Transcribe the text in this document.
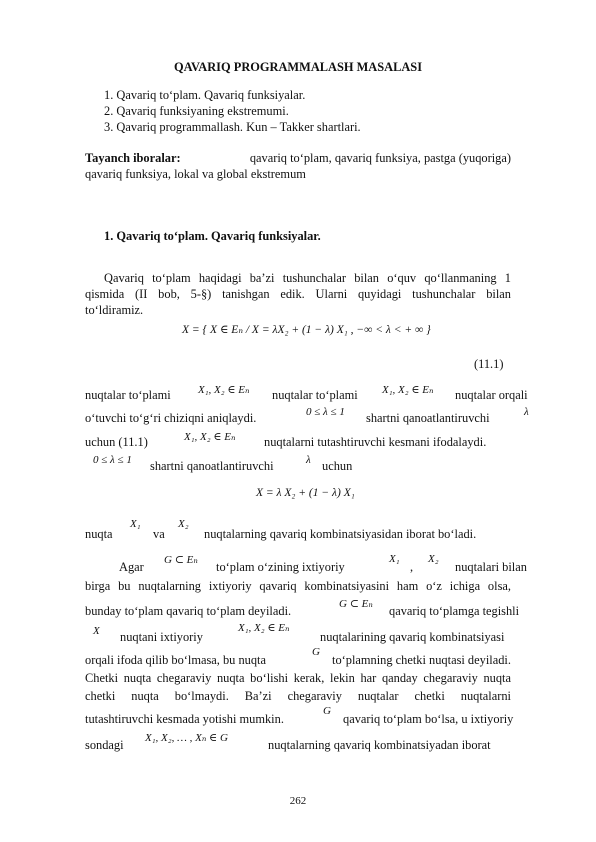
QAVARIQ PROGRAMMALASH MASALASI
1. Qavariq to‘plam. Qavariq funksiyalar.
2. Qavariq funksiyaning ekstremumi.
3. Qavariq programmallash. Kun – Takker shartlari.
Tayanch iboralar:	qavariq to‘plam, qavariq funksiya, pastga (yuqoriga)
qavariq funksiya, lokal va global ekstremum
1. Qavariq to‘plam. Qavariq funksiyalar.
Qavariq to‘plam haqidagi ba’zi tushunchalar bilan o‘quv qo‘llanmaning 1
qismida (II bob, 5-§) tanishgan edik. Ularni quyidagi tushunchalar bilan
to‘ldiramiz.
X = { X ∈ Eₙ / X = λX₂ + (1 − λ) X₁ , −∞ < λ < + ∞ }
(11.1)
nuqtalar to‘plami X₁, X₂ ∈ Eₙ nuqtalar to‘plami X₁, X₂ ∈ Eₙ nuqtalar orqali
o‘tuvchi to‘g‘ri chiziqni aniqlaydi.	0 ≤ λ ≤ 1 shartni qanoatlantiruvchi	λ
uchun (11.1)	X₁, X₂ ∈ Eₙ nuqtalarni tutashtiruvchi kesmani ifodalaydi.
0 ≤ λ ≤ 1 shartni qanoatlantiruvchi	λ uchun
X = λ X₂ + (1 − λ) X₁
nuqta
X₁
va
X₂
nuqtalarning qavariq kombinatsiyasidan iborat bo‘ladi.
Agar G ⊂ Eₙ to‘plam o‘zining ixtiyoriy
X₁
,
X₂
nuqtalari bilan
birga bu nuqtalarning ixtiyoriy qavariq kombinatsiyasini ham o‘z ichiga olsa,
bunday to‘plam qavariq to‘plam deyiladi.	G ⊂ Eₙ qavariq to‘plamga tegishli
X nuqtani ixtiyoriy
X₁, X₂ ∈ Eₙ
nuqtalarining qavariq kombinatsiyasi
orqali ifoda qilib bo‘lmasa, bu nuqta
G
to‘plamning chetki nuqtasi deyiladi.
Chetki nuqta chegaraviy nuqta bo‘lishi kerak, lekin har qanday chegaraviy nuqta
chetki nuqta bo‘lmaydi. Ba’zi chegaraviy nuqtalar chetki nuqtalarni
tutashtiruvchi kesmada yotishi mumkin.
G
qavariq to‘plam bo‘lsa, u ixtiyoriy
sondagi X₁, X₂, … , Xₙ ∈ G	nuqtalarning qavariq kombinatsiyadan iborat
262
